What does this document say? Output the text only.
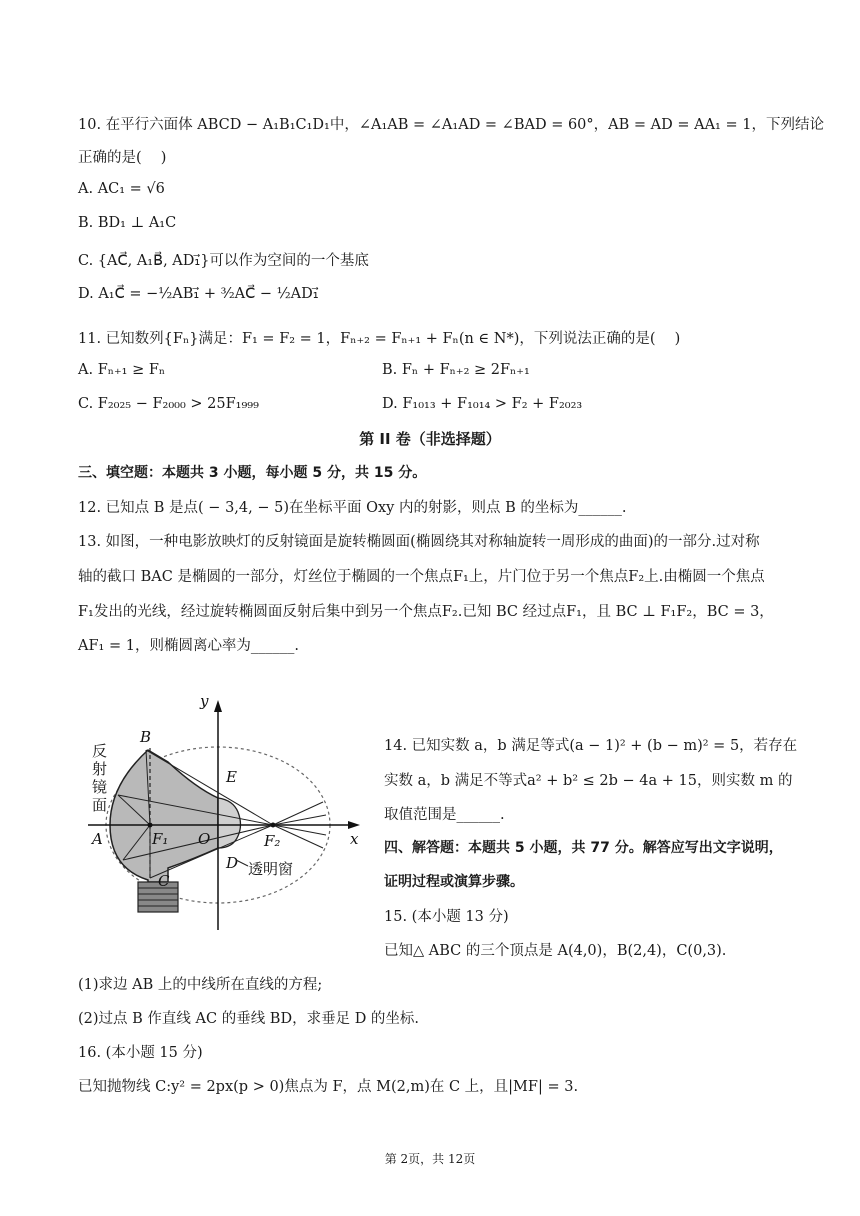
10. 在平行六面体 ABCD − A₁B₁C₁D₁中，∠A₁AB = ∠A₁AD = ∠BAD = 60°，AB = AD = AA₁ = 1，下列结论
正确的是(　 )
A. AC₁ = √6
B. BD₁ ⊥ A₁C
C. {AC⃗, A₁B⃗, AD₁⃗}可以作为空间的一个基底
D. A₁C⃗ = −½AB₁⃗ + ³⁄₂AC⃗ − ½AD₁⃗
11. 已知数列{Fₙ}满足：F₁ = F₂ = 1，Fₙ₊₂ = Fₙ₊₁ + Fₙ(n ∈ N*)，下列说法正确的是(　 )
A. Fₙ₊₁ ≥ Fₙ	B. Fₙ + Fₙ₊₂ ≥ 2Fₙ₊₁
C. F₂₀₂₅ − F₂₀₀₀ > 25F₁₉₉₉	D. F₁₀₁₃ + F₁₀₁₄ > F₂ + F₂₀₂₃
第 II 卷（非选择题）
三、填空题：本题共 3 小题，每小题 5 分，共 15 分。
12. 已知点 B 是点( − 3,4, − 5)在坐标平面 Oxy 内的射影，则点 B 的坐标为______.
13. 如图，一种电影放映灯的反射镜面是旋转椭圆面(椭圆绕其对称轴旋转一周形成的曲面)的一部分.过对称
轴的截口 BAC 是椭圆的一部分，灯丝位于椭圆的一个焦点F₁上，片门位于另一个焦点F₂上.由椭圆一个焦点
F₁发出的光线，经过旋转椭圆面反射后集中到另一个焦点F₂.已知 BC 经过点F₁，且 BC ⊥ F₁F₂，BC = 3，
AF₁ = 1，则椭圆离心率为______.
y
B
E
A	F₁ O	F₂	x
D
C
反
射
镜
面
透明窗
14. 已知实数 a，b 满足等式(a − 1)² + (b − m)² = 5，若存在
实数 a，b 满足不等式a² + b² ≤ 2b − 4a + 15，则实数 m 的
取值范围是______.
四、解答题：本题共 5 小题，共 77 分。解答应写出文字说明，
证明过程或演算步骤。
15. (本小题 13 分)
已知△ ABC 的三个顶点是 A(4,0)，B(2,4)，C(0,3).
(1)求边 AB 上的中线所在直线的方程;
(2)过点 B 作直线 AC 的垂线 BD，求垂足 D 的坐标.
16. (本小题 15 分)
已知抛物线 C:y² = 2px(p > 0)焦点为 F，点 M(2,m)在 C 上，且|MF| = 3.
第 2页，共 12页
